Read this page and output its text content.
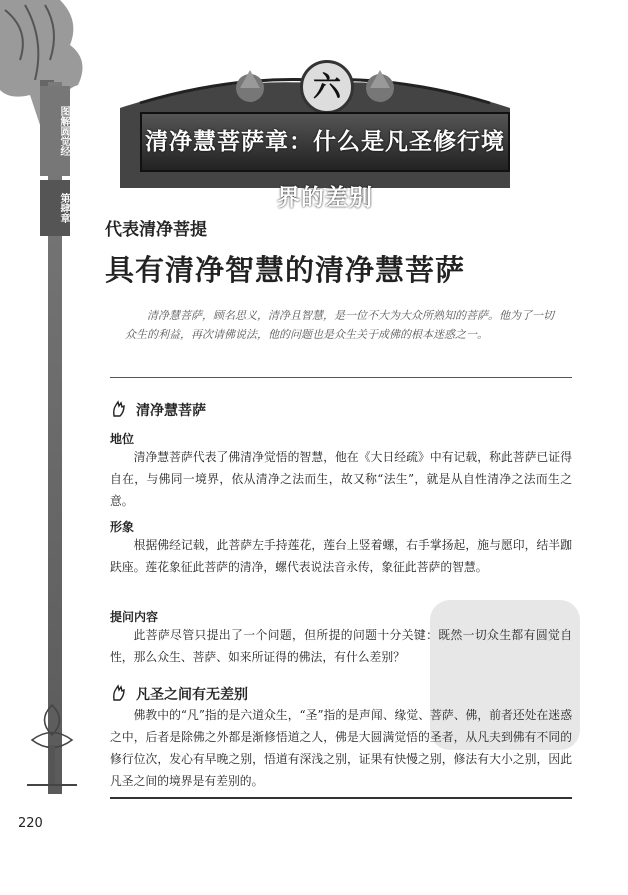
图解圆觉经
第肆章
六
清净慧菩萨章：什么是凡圣修行境界的差别
代表清净菩提
具有清净智慧的清净慧菩萨
清净慧菩萨，顾名思义，清净且智慧，是一位不大为大众所熟知的菩萨。他为了一切众生的利益，再次请佛说法，他的问题也是众生关于成佛的根本迷惑之一。
清净慧菩萨
地位
清净慧菩萨代表了佛清净觉悟的智慧，他在《大日经疏》中有记载，称此菩萨已证得自在，与佛同一境界，依从清净之法而生，故又称“法生”，就是从自性清净之法而生之意。
形象
根据佛经记载，此菩萨左手持莲花，莲台上竖着螺，右手掌扬起，施与愿印，结半跏趺座。莲花象征此菩萨的清净，螺代表说法音永传，象征此菩萨的智慧。
提问内容
此菩萨尽管只提出了一个问题，但所提的问题十分关键：既然一切众生都有圆觉自性，那么众生、菩萨、如来所证得的佛法，有什么差别？
凡圣之间有无差别
佛教中的“凡”指的是六道众生，“圣”指的是声闻、缘觉、菩萨、佛，前者还处在迷惑之中，后者是除佛之外都是渐修悟道之人，佛是大圆满觉悟的圣者，从凡夫到佛有不同的修行位次，发心有早晚之别，悟道有深浅之别，证果有快慢之别，修法有大小之别，因此凡圣之间的境界是有差别的。
220
